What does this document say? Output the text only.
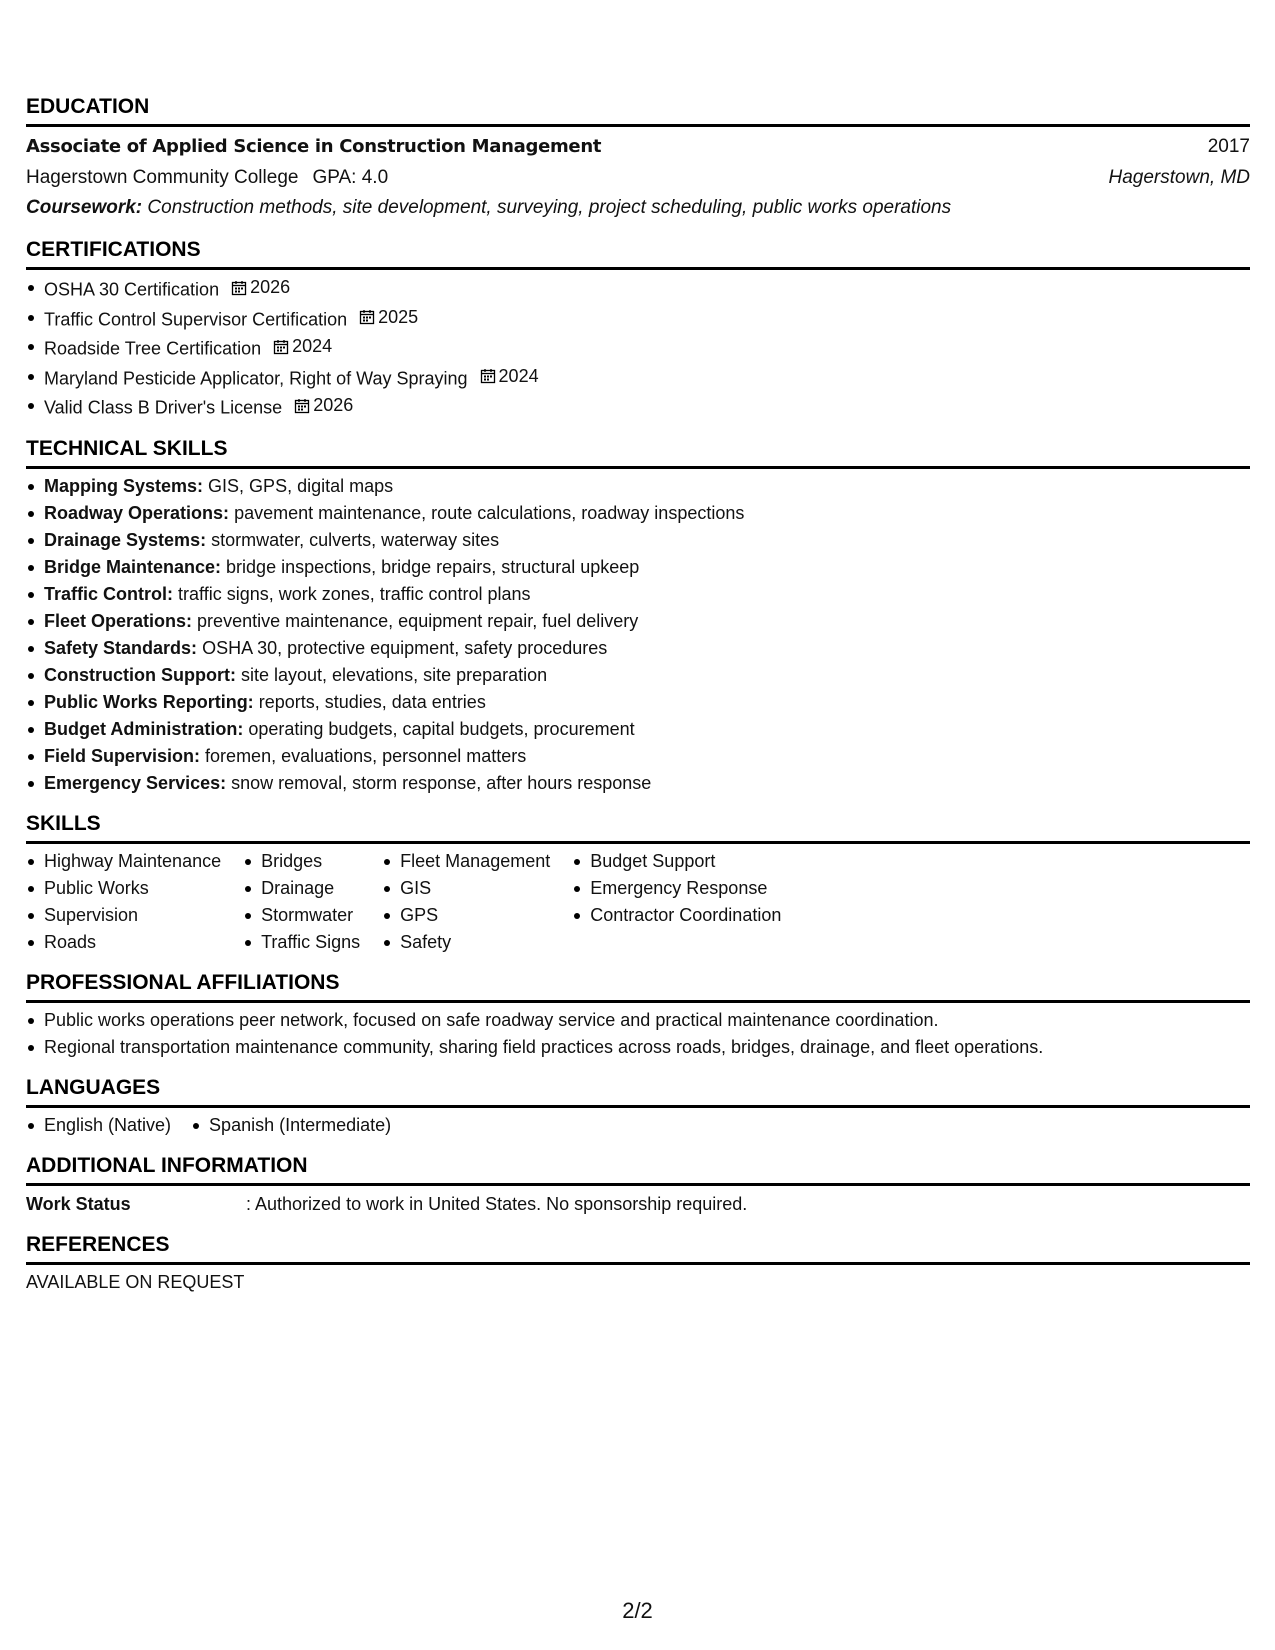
EDUCATION
Associate of Applied Science in Construction Management	2017
Hagerstown Community College GPA: 4.0	Hagerstown, MD
Coursework: Construction methods, site development, surveying, project scheduling, public works operations
CERTIFICATIONS
OSHA 30 Certification 2026
Traffic Control Supervisor Certification 2025
Roadside Tree Certification 2024
Maryland Pesticide Applicator, Right of Way Spraying 2024
Valid Class B Driver's License 2026
TECHNICAL SKILLS
Mapping Systems: GIS, GPS, digital maps
Roadway Operations: pavement maintenance, route calculations, roadway inspections
Drainage Systems: stormwater, culverts, waterway sites
Bridge Maintenance: bridge inspections, bridge repairs, structural upkeep
Traffic Control: traffic signs, work zones, traffic control plans
Fleet Operations: preventive maintenance, equipment repair, fuel delivery
Safety Standards: OSHA 30, protective equipment, safety procedures
Construction Support: site layout, elevations, site preparation
Public Works Reporting: reports, studies, data entries
Budget Administration: operating budgets, capital budgets, procurement
Field Supervision: foremen, evaluations, personnel matters
Emergency Services: snow removal, storm response, after hours response
SKILLS
Highway Maintenance
Public Works
Supervision
Roads
Bridges
Drainage
Stormwater
Traffic Signs
Fleet Management
GIS
GPS
Safety
Budget Support
Emergency Response
Contractor Coordination
PROFESSIONAL AFFILIATIONS
Public works operations peer network, focused on safe roadway service and practical maintenance coordination.
Regional transportation maintenance community, sharing field practices across roads, bridges, drainage, and fleet operations.
LANGUAGES
English (Native)	Spanish (Intermediate)
ADDITIONAL INFORMATION
Work Status	: Authorized to work in United States. No sponsorship required.
REFERENCES
AVAILABLE ON REQUEST
2/2
